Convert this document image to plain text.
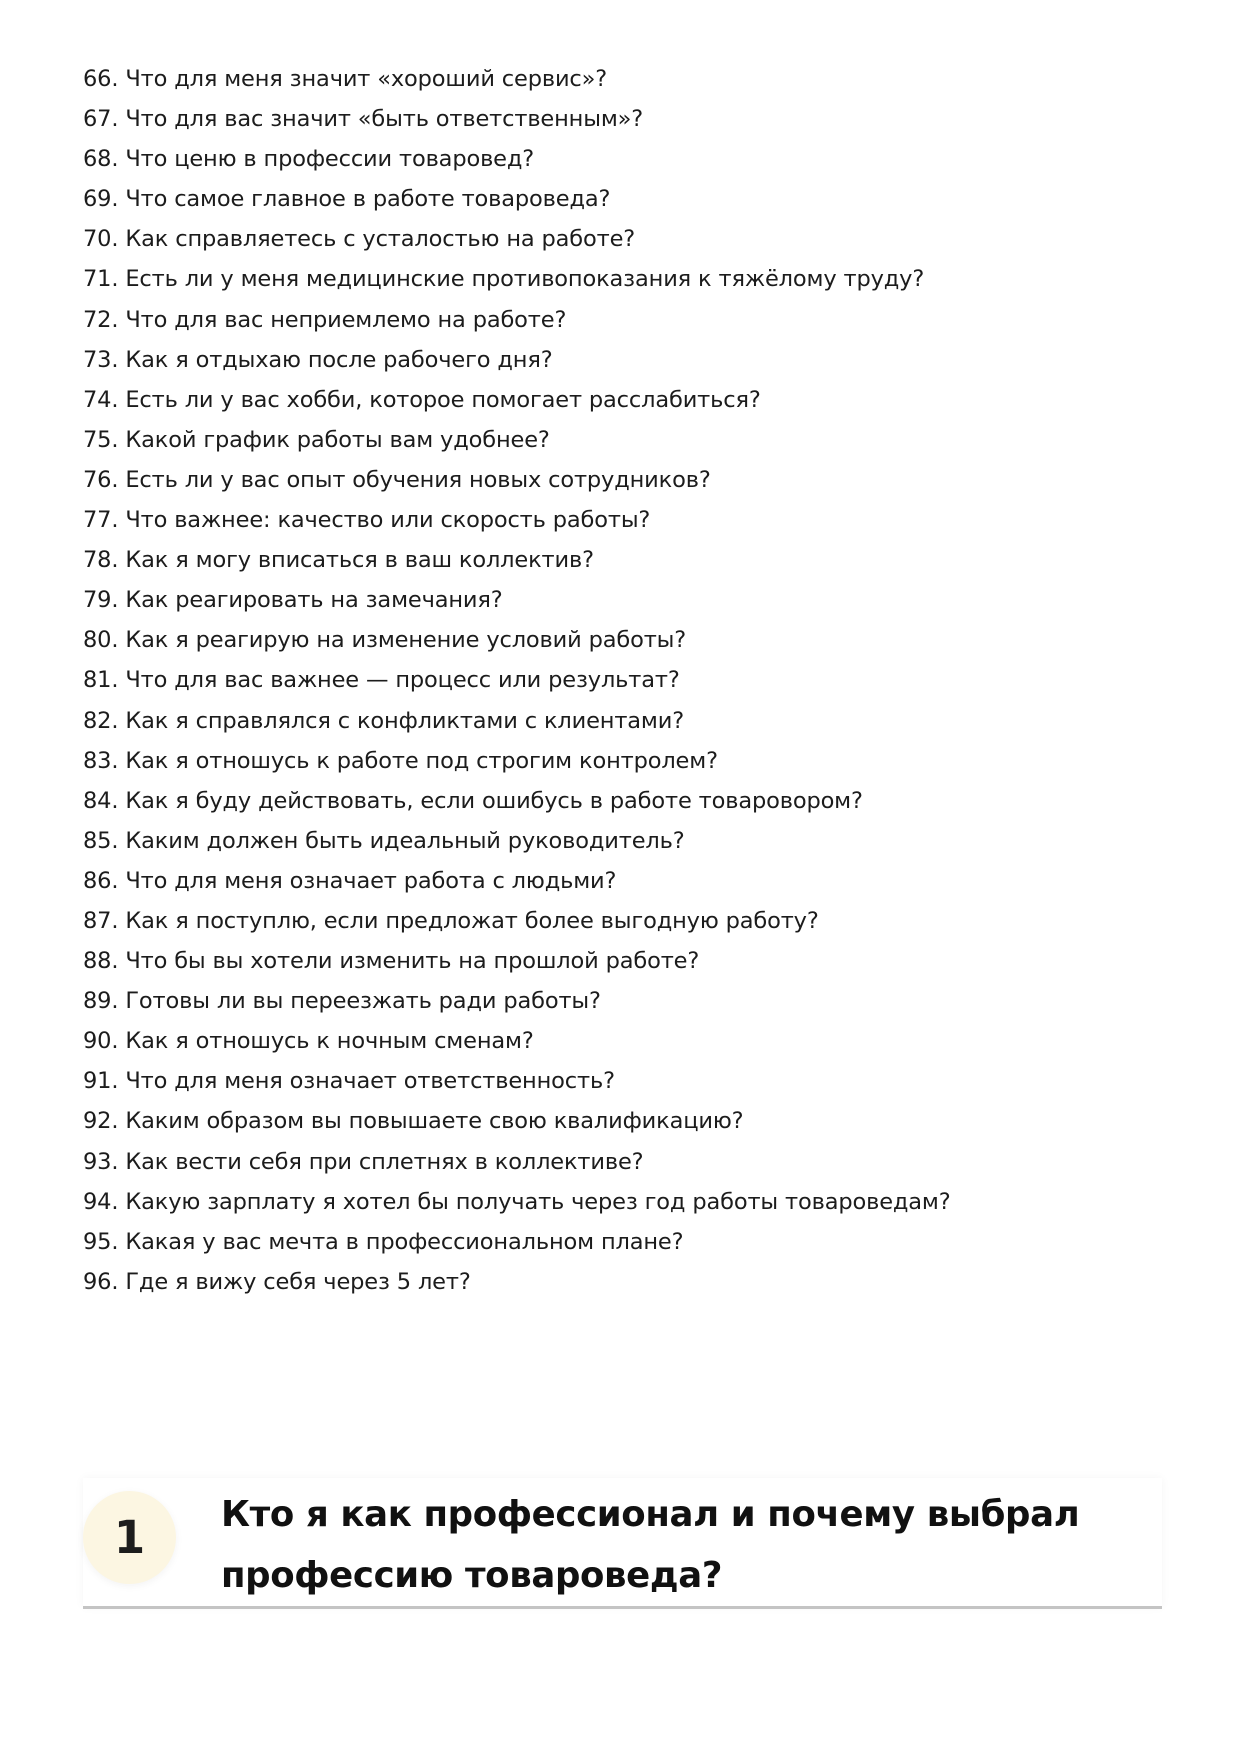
66. Что для меня значит «хороший сервис»?
67. Что для вас значит «быть ответственным»?
68. Что ценю в профессии товаровед?
69. Что самое главное в работе товароведа?
70. Как справляетесь с усталостью на работе?
71. Есть ли у меня медицинские противопоказания к тяжёлому труду?
72. Что для вас неприемлемо на работе?
73. Как я отдыхаю после рабочего дня?
74. Есть ли у вас хобби, которое помогает расслабиться?
75. Какой график работы вам удобнее?
76. Есть ли у вас опыт обучения новых сотрудников?
77. Что важнее: качество или скорость работы?
78. Как я могу вписаться в ваш коллектив?
79. Как реагировать на замечания?
80. Как я реагирую на изменение условий работы?
81. Что для вас важнее — процесс или результат?
82. Как я справлялся с конфликтами с клиентами?
83. Как я отношусь к работе под строгим контролем?
84. Как я буду действовать, если ошибусь в работе товаровором?
85. Каким должен быть идеальный руководитель?
86. Что для меня означает работа с людьми?
87. Как я поступлю, если предложат более выгодную работу?
88. Что бы вы хотели изменить на прошлой работе?
89. Готовы ли вы переезжать ради работы?
90. Как я отношусь к ночным сменам?
91. Что для меня означает ответственность?
92. Каким образом вы повышаете свою квалификацию?
93. Как вести себя при сплетнях в коллективе?
94. Какую зарплату я хотел бы получать через год работы товароведам?
95. Какая у вас мечта в профессиональном плане?
96. Где я вижу себя через 5 лет?
1	Кто я как профессионал и почему выбрал
профессию товароведа?
